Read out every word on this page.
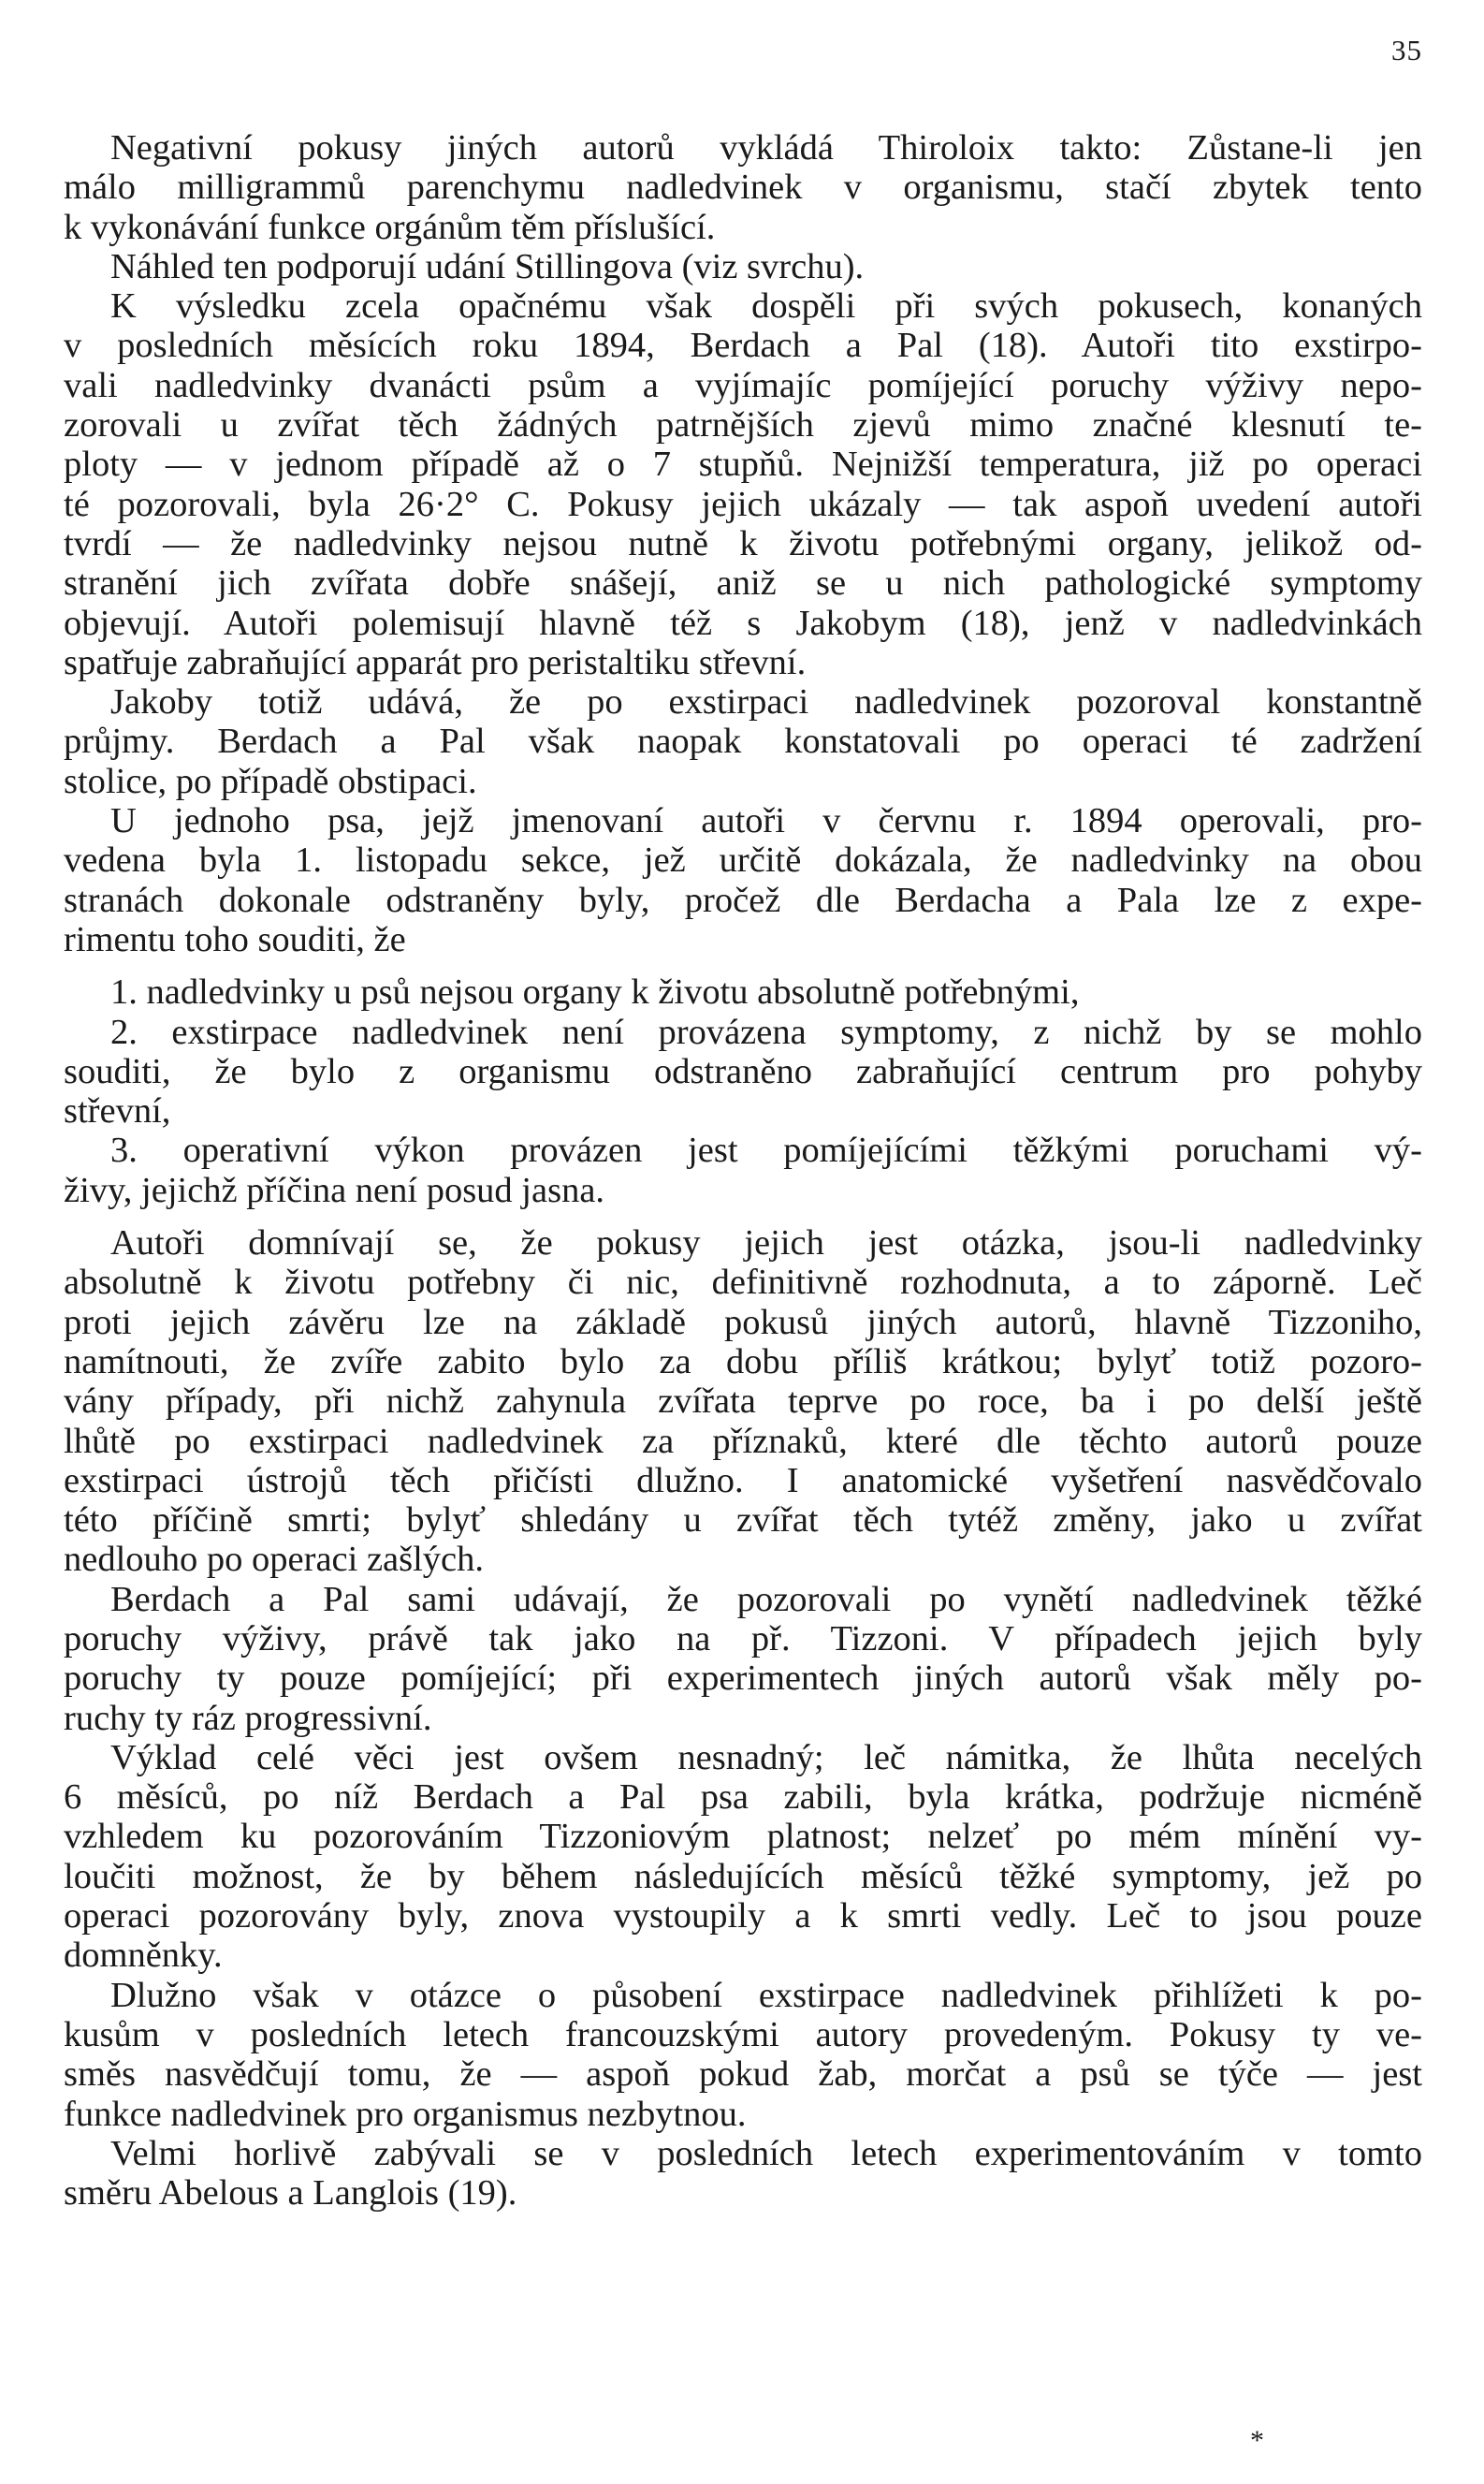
35
Negativní pokusy jiných autorů vykládá Thiroloix takto: Zůstane-li jen
málo milligrammů parenchymu nadledvinek v organismu, stačí zbytek tento
k vykonávání funkce orgánům těm příslušící.
Náhled ten podporují udání Stillingova (viz svrchu).
K výsledku zcela opačnému však dospěli při svých pokusech, konaných
v posledních měsících roku 1894, Berdach a Pal (18). Autoři tito exstirpo-
vali nadledvinky dvanácti psům a vyjímajíc pomíjející poruchy výživy nepo-
zorovali u zvířat těch žádných patrnějších zjevů mimo značné klesnutí te-
ploty — v jednom případě až o 7 stupňů. Nejnižší temperatura, již po operaci
té pozorovali, byla 26·2° C. Pokusy jejich ukázaly — tak aspoň uvedení autoři
tvrdí — že nadledvinky nejsou nutně k životu potřebnými organy, jelikož od-
stranění jich zvířata dobře snášejí, aniž se u nich pathologické symptomy
objevují. Autoři polemisují hlavně též s Jakobym (18), jenž v nadledvinkách
spatřuje zabraňující apparát pro peristaltiku střevní.
Jakoby totiž udává, že po exstirpaci nadledvinek pozoroval konstantně
průjmy. Berdach a Pal však naopak konstatovali po operaci té zadržení
stolice, po případě obstipaci.
U jednoho psa, jejž jmenovaní autoři v červnu r. 1894 operovali, pro-
vedena byla 1. listopadu sekce, jež určitě dokázala, že nadledvinky na obou
stranách dokonale odstraněny byly, pročež dle Berdacha a Pala lze z expe-
rimentu toho souditi, že
1. nadledvinky u psů nejsou organy k životu absolutně potřebnými,
2. exstirpace nadledvinek není provázena symptomy, z nichž by se mohlo
souditi, že bylo z organismu odstraněno zabraňující centrum pro pohyby
střevní,
3. operativní výkon provázen jest pomíjejícími těžkými poruchami vý-
živy, jejichž příčina není posud jasna.
Autoři domnívají se, že pokusy jejich jest otázka, jsou-li nadledvinky
absolutně k životu potřebny či nic, definitivně rozhodnuta, a to záporně. Leč
proti jejich závěru lze na základě pokusů jiných autorů, hlavně Tizzoniho,
namítnouti, že zvíře zabito bylo za dobu příliš krátkou; bylyť totiž pozoro-
vány případy, při nichž zahynula zvířata teprve po roce, ba i po delší ještě
lhůtě po exstirpaci nadledvinek za příznaků, které dle těchto autorů pouze
exstirpaci ústrojů těch přičísti dlužno. I anatomické vyšetření nasvědčovalo
této příčině smrti; bylyť shledány u zvířat těch tytéž změny, jako u zvířat
nedlouho po operaci zašlých.
Berdach a Pal sami udávají, že pozorovali po vynětí nadledvinek těžké
poruchy výživy, právě tak jako na př. Tizzoni. V případech jejich byly
poruchy ty pouze pomíjející; při experimentech jiných autorů však měly po-
ruchy ty ráz progressivní.
Výklad celé věci jest ovšem nesnadný; leč námitka, že lhůta necelých
6 měsíců, po níž Berdach a Pal psa zabili, byla krátka, podržuje nicméně
vzhledem ku pozorováním Tizzoniovým platnost; nelzeť po mém mínění vy-
loučiti možnost, že by během následujících měsíců těžké symptomy, jež po
operaci pozorovány byly, znova vystoupily a k smrti vedly. Leč to jsou pouze
domněnky.
Dlužno však v otázce o působení exstirpace nadledvinek přihlížeti k po-
kusům v posledních letech francouzskými autory provedeným. Pokusy ty ve-
směs nasvědčují tomu, že — aspoň pokud žab, morčat a psů se týče — jest
funkce nadledvinek pro organismus nezbytnou.
Velmi horlivě zabývali se v posledních letech experimentováním v tomto
směru Abelous a Langlois (19).
*
